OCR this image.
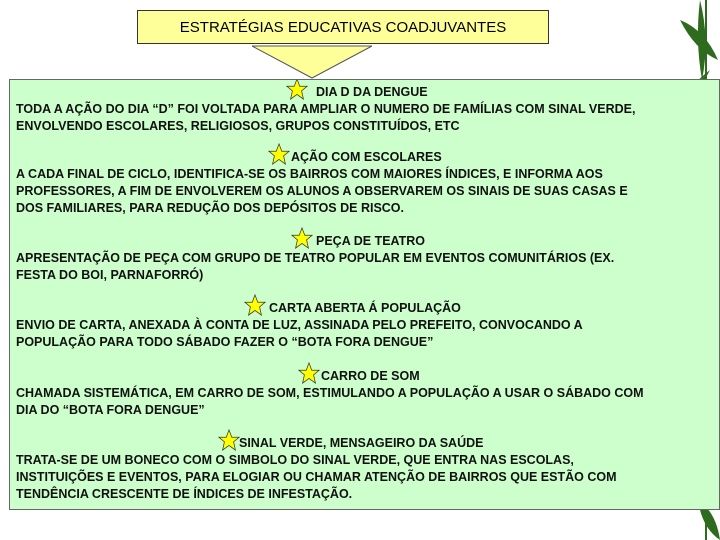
ESTRATÉGIAS EDUCATIVAS COADJUVANTES
DIA D DA DENGUE

TODA A AÇÃO DO DIA “D” FOI VOLTADA PARA AMPLIAR O NUMERO DE FAMÍLIAS COM SINAL VERDE,
ENVOLVENDO ESCOLARES, RELIGIOSOS, GRUPOS CONSTITUÍDOS, ETC

AÇÃO COM ESCOLARES

A CADA FINAL DE CICLO, IDENTIFICA-SE OS BAIRROS COM MAIORES ÍNDICES, E INFORMA AOS
PROFESSORES, A FIM DE ENVOLVEREM OS ALUNOS A OBSERVAREM OS SINAIS DE SUAS CASAS E
DOS FAMILIARES, PARA REDUÇÃO DOS DEPÓSITOS DE RISCO.

PEÇA DE TEATRO

APRESENTAÇÃO DE PEÇA COM GRUPO DE TEATRO POPULAR EM EVENTOS COMUNITÁRIOS (EX.
FESTA DO BOI, PARNAFORRÓ)

CARTA ABERTA Á POPULAÇÃO

ENVIO DE CARTA, ANEXADA À CONTA DE LUZ, ASSINADA PELO PREFEITO, CONVOCANDO A
POPULAÇÃO PARA TODO SÁBADO FAZER O “BOTA FORA DENGUE”

CARRO DE SOM

CHAMADA SISTEMÁTICA, EM CARRO DE SOM, ESTIMULANDO A POPULAÇÃO A USAR O SÁBADO COM
DIA DO “BOTA FORA DENGUE”

SINAL VERDE, MENSAGEIRO DA SAÚDE

TRATA-SE DE UM BONECO COM O SIMBOLO DO SINAL VERDE, QUE ENTRA NAS ESCOLAS,
INSTITUIÇÕES E EVENTOS, PARA ELOGIAR OU CHAMAR ATENÇÃO DE BAIRROS QUE ESTÃO COM
TENDÊNCIA CRESCENTE DE ÍNDICES DE INFESTAÇÃO.
